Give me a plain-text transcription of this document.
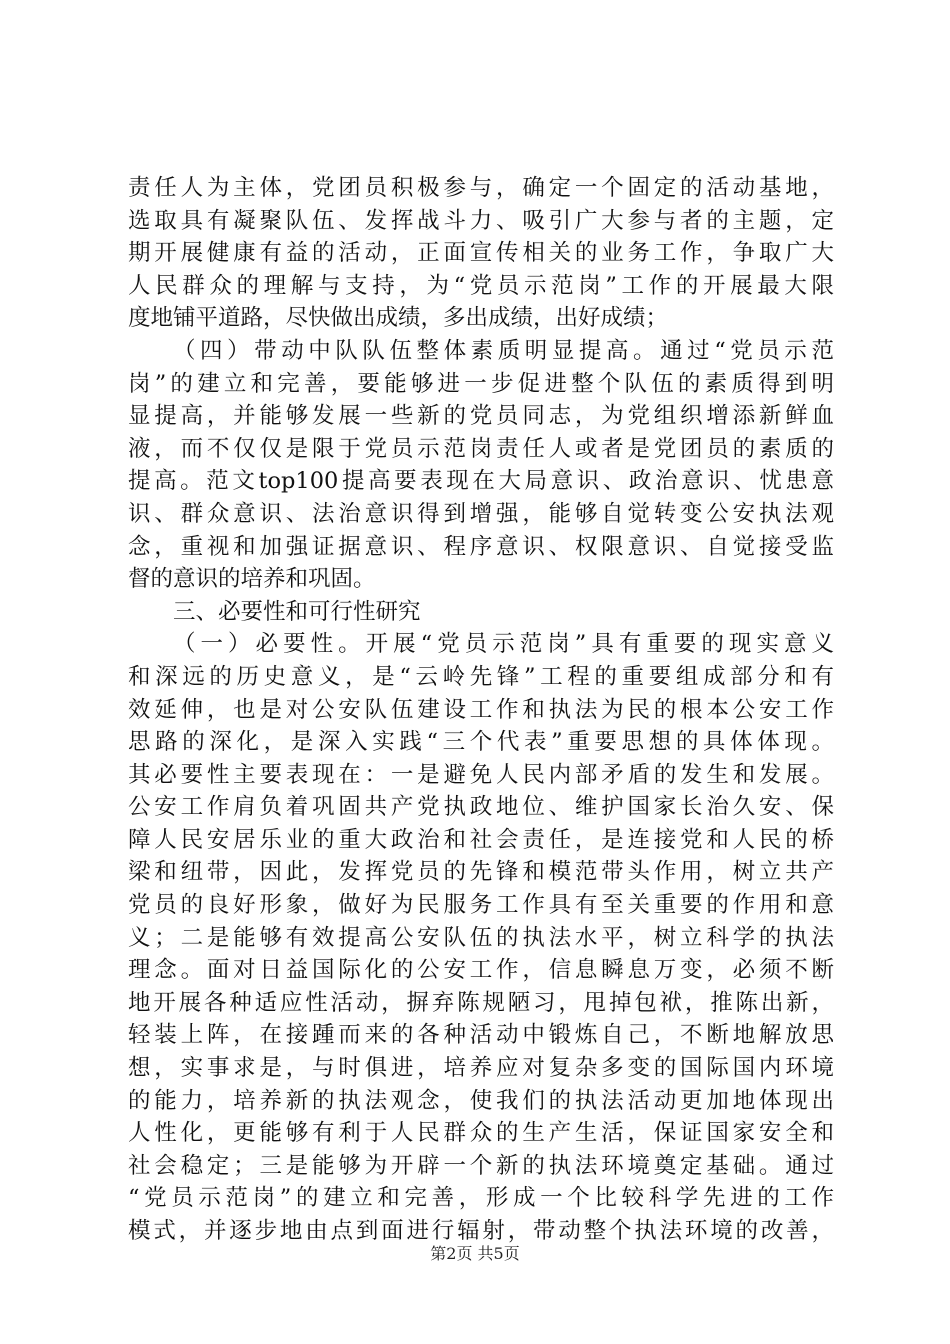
责任人为主体，党团员积极参与，确定一个固定的活动基地，
选取具有凝聚队伍、发挥战斗力、吸引广大参与者的主题，定
期开展健康有益的活动，正面宣传相关的业务工作，争取广大
人民群众的理解与支持，为“党员示范岗”工作的开展最大限
度地铺平道路，尽快做出成绩，多出成绩，出好成绩；
（四）带动中队队伍整体素质明显提高。通过“党员示范
岗”的建立和完善，要能够进一步促进整个队伍的素质得到明
显提高，并能够发展一些新的党员同志，为党组织增添新鲜血
液，而不仅仅是限于党员示范岗责任人或者是党团员的素质的
提高。范文top100提高要表现在大局意识、政治意识、忧患意
识、群众意识、法治意识得到增强，能够自觉转变公安执法观
念，重视和加强证据意识、程序意识、权限意识、自觉接受监
督的意识的培养和巩固。
三、必要性和可行性研究
（一）必要性。开展“党员示范岗”具有重要的现实意义
和深远的历史意义，是“云岭先锋”工程的重要组成部分和有
效延伸，也是对公安队伍建设工作和执法为民的根本公安工作
思路的深化，是深入实践“三个代表”重要思想的具体体现。
其必要性主要表现在：一是避免人民内部矛盾的发生和发展。
公安工作肩负着巩固共产党执政地位、维护国家长治久安、保
障人民安居乐业的重大政治和社会责任，是连接党和人民的桥
梁和纽带，因此，发挥党员的先锋和模范带头作用，树立共产
党员的良好形象，做好为民服务工作具有至关重要的作用和意
义；二是能够有效提高公安队伍的执法水平，树立科学的执法
理念。面对日益国际化的公安工作，信息瞬息万变，必须不断
地开展各种适应性活动，摒弃陈规陋习，甩掉包袱，推陈出新，
轻装上阵，在接踵而来的各种活动中锻炼自己，不断地解放思
想，实事求是，与时俱进，培养应对复杂多变的国际国内环境
的能力，培养新的执法观念，使我们的执法活动更加地体现出
人性化，更能够有利于人民群众的生产生活，保证国家安全和
社会稳定；三是能够为开辟一个新的执法环境奠定基础。通过
“党员示范岗”的建立和完善，形成一个比较科学先进的工作
模式，并逐步地由点到面进行辐射，带动整个执法环境的改善，
第2页 共5页
